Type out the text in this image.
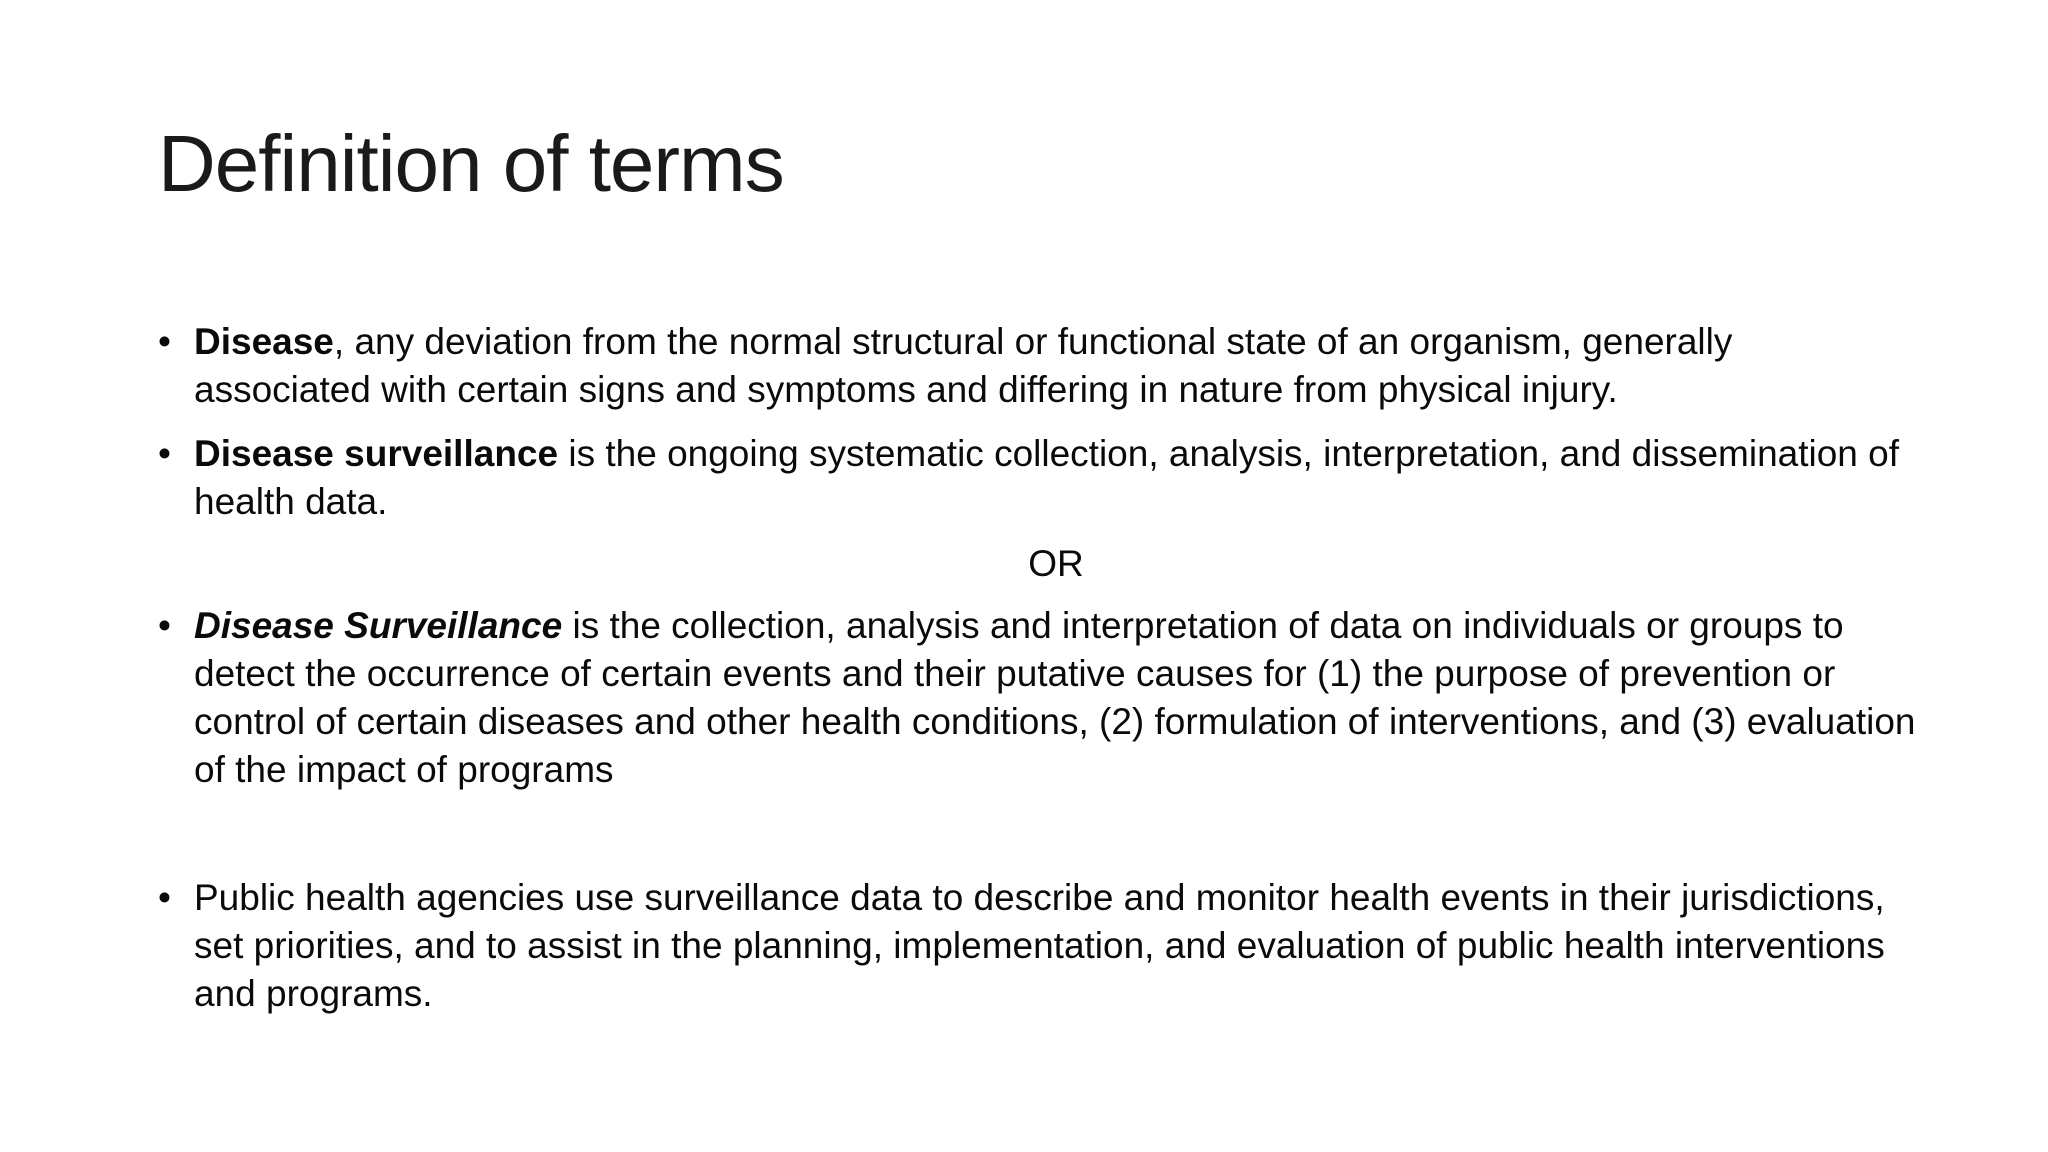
Definition of terms

• Disease, any deviation from the normal structural or functional state of an organism, generally associated with certain signs and symptoms and differing in nature from physical injury.

• Disease surveillance is the ongoing systematic collection, analysis, interpretation, and dissemination of health data.

OR

• Disease Surveillance is the collection, analysis and interpretation of data on individuals or groups to detect the occurrence of certain events and their putative causes for (1) the purpose of prevention or control of certain diseases and other health conditions, (2) formulation of interventions, and (3) evaluation of the impact of programs

• Public health agencies use surveillance data to describe and monitor health events in their jurisdictions, set priorities, and to assist in the planning, implementation, and evaluation of public health interventions and programs.
